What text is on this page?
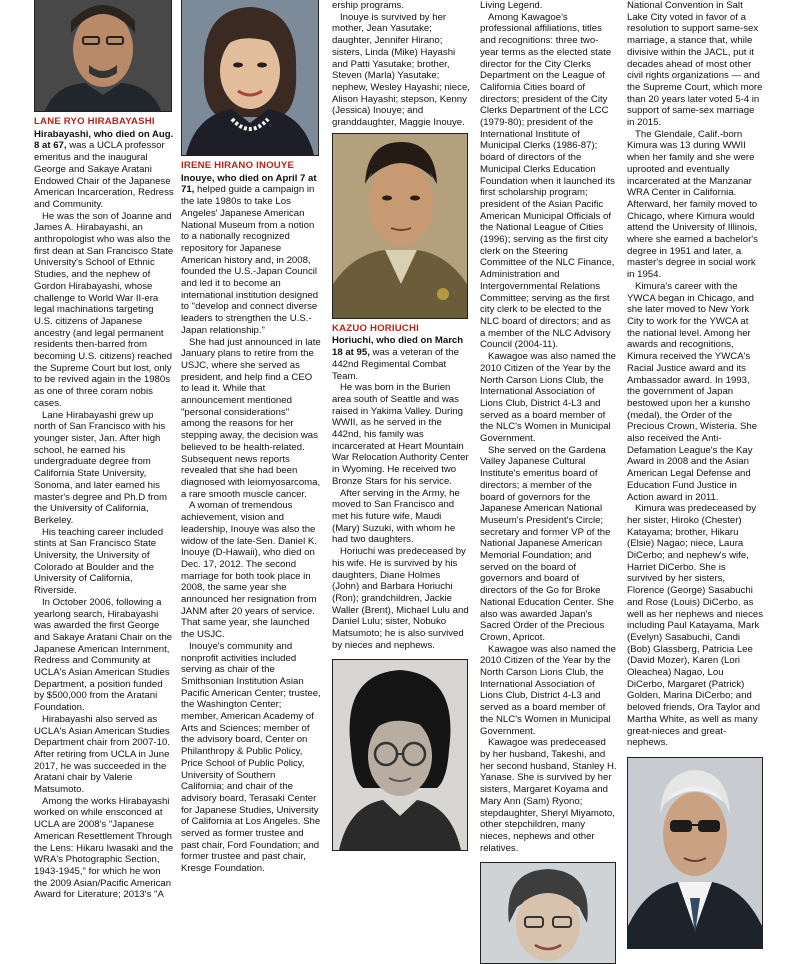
LANE RYO HIRABAYASHI

Hirabayashi, who died on Aug. 8 at 67, was a UCLA professor emeritus and the inaugural George and Sakaye Aratani Endowed Chair of the Japanese American Incarceration, Redress and Community.

He was the son of Joanne and James A. Hirabayashi, an anthropologist who was also the first dean at San Francisco State University's School of Ethnic Studies, and the nephew of Gordon Hirabayashi, whose challenge to World War II-era legal machinations targeting U.S. citizens of Japanese ancestry (and legal permanent residents then-barred from becoming U.S. citizens) reached the Supreme Court but lost, only to be revived again in the 1980s as one of three coram nobis cases.

Lane Hirabayashi grew up north of San Francisco with his younger sister, Jan. After high school, he earned his undergraduate degree from California State University, Sonoma, and later earned his master's degree and Ph.D from the University of California, Berkeley.

His teaching career included stints at San Francisco State University, the University of Colorado at Boulder and the University of California, Riverside.

In October 2006, following a yearlong search, Hirabayashi was awarded the first George and Sakaye Aratani Chair on the Japanese American Internment, Redress and Community at UCLA's Asian American Studies Department, a position funded by $500,000 from the Aratani Foundation.

Hirabayashi also served as UCLA's Asian American Studies Department chair from 2007-10. After retiring from UCLA in June 2017, he was succeeded in the Aratani chair by Valerie Matsumoto.

Among the works Hirabayashi worked on while ensconced at UCLA are 2008's "Japanese American Resettlement Through the Lens: Hikaru Iwasaki and the WRA's Photographic Section, 1943-1945," for which he won the 2009 Asian/Pacific American Award for Literature; 2013's "A

IRENE HIRANO INOUYE

Inouye, who died on April 7 at 71, helped guide a campaign in the late 1980s to take Los Angeles' Japanese American National Museum from a notion to a nationally recognized repository for Japanese American history and, in 2008, founded the U.S.-Japan Council and led it to become an international institution designed to "develop and connect diverse leaders to strengthen the U.S.-Japan relationship."

She had just announced in late January plans to retire from the USJC, where she served as president, and help find a CEO to lead it. While that announcement mentioned "personal considerations" among the reasons for her stepping away, the decision was believed to be health-related. Subsequent news reports revealed that she had been diagnosed with leiomyosarcoma, a rare smooth muscle cancer.

A woman of tremendous achievement, vision and leadership, Inouye was also the widow of the late-Sen. Daniel K. Inouye (D-Hawaii), who died on Dec. 17, 2012. The second marriage for both took place in 2008, the same year she announced her resignation from JANM after 20 years of service. That same year, she launched the USJC.

Inouye's community and nonprofit activities included serving as chair of the Smithsonian Institution Asian Pacific American Center; trustee, the Washington Center; member, American Academy of Arts and Sciences; member of the advisory board, Center on Philanthropy & Public Policy, Price School of Public Policy, University of Southern California; and chair of the advisory board, Terasaki Center for Japanese Studies, University of California at Los Angeles. She served as former trustee and past chair, Ford Foundation; and former trustee and past chair, Kresge Foundation.

ership programs.

Inouye is survived by her mother, Jean Yasutake; daughter, Jennifer Hirano; sisters, Linda (Mike) Hayashi and Patti Yasutake; brother, Steven (Marla) Yasutake; nephew, Wesley Hayashi; niece, Alison Hayashi; stepson, Kenny (Jessica) Inouye; and granddaughter, Maggie Inouye.

KAZUO HORIUCHI

Horiuchi, who died on March 18 at 95, was a veteran of the 442nd Regimental Combat Team.

He was born in the Burien area south of Seattle and was raised in Yakima Valley. During WWII, as he served in the 442nd, his family was incarcerated at Heart Mountain War Relocation Authority Center in Wyoming. He received two Bronze Stars for his service.

After serving in the Army, he moved to San Francisco and met his future wife, Maudi (Mary) Suzuki, with whom he had two daughters.

Horiuchi was predeceased by his wife. He is survived by his daughters, Diane Holmes (John) and Barbara Horiuchi (Ron); grandchildren, Jackie Waller (Brent), Michael Lulu and Daniel Lulu; sister, Nobuko Matsumoto; he is also survived by nieces and nephews.

Living Legend.

Among Kawagoe's professional affiliations, titles and recognitions: three two-year terms as the elected state director for the City Clerks Department on the League of California Cities board of directors; president of the City Clerks Department of the LCC (1979-80); president of the International Institute of Municipal Clerks (1986-87); board of directors of the Municipal Clerks Education Foundation when it launched its first scholarship program; president of the Asian Pacific American Municipal Officials of the National League of Cities (1996); serving as the first city clerk on the Steering Committee of the NLC Finance, Administration and Intergovernmental Relations Committee; serving as the first city clerk to be elected to the NLC board of directors; and as a member of the NLC Advisory Council (2004-11).

Kawagoe was also named the 2010 Citizen of the Year by the North Carson Lions Club, the International Association of Lions Club, District 4-L3 and served as a board member of the NLC's Women in Municipal Government.

She served on the Gardena Valley Japanese Cultural Institute's emeritus board of directors; a member of the board of governors for the Japanese American National Museum's President's Circle; secretary and former VP of the National Japanese American Memorial Foundation; and served on the board of governors and board of directors of the Go for Broke National Education Center. She also was awarded Japan's Sacred Order of the Precious Crown, Apricot.

Kawagoe was also named the 2010 Citizen of the Year by the North Carson Lions Club, the International Association of Lions Club, District 4-L3 and served as a board member of the NLC's Women in Municipal Government.

Kawagoe was predeceased by her husband, Takeshi, and her second husband, Stanley H. Yanase. She is survived by her sisters, Margaret Koyama and Mary Ann (Sam) Ryono; stepdaughter, Sheryl Miyamoto, other stepchildren, many nieces, nephews and other relatives.

National Convention in Salt Lake City voted in favor of a resolution to support same-sex marriage, a stance that, while divisive within the JACL, put it decades ahead of most other civil rights organizations — and the Supreme Court, which more than 20 years later voted 5-4 in support of same-sex marriage in 2015.

The Glendale, Calif.-born Kimura was 13 during WWII when her family and she were uprooted and eventually incarcerated at the Manzanar WRA Center in California. Afterward, her family moved to Chicago, where Kimura would attend the University of Illinois, where she earned a bachelor's degree in 1951 and later, a master's degree in social work in 1954.

Kimura's career with the YWCA began in Chicago, and she later moved to New York City to work for the YWCA at the national level. Among her awards and recognitions, Kimura received the YWCA's Racial Justice award and its Ambassador award. In 1993, the government of Japan bestowed upon her a kunsho (medal), the Order of the Precious Crown, Wisteria. She also received the Anti-Defamation League's the Kay Award in 2008 and the Asian American Legal Defense and Education Fund Justice in Action award in 2011.

Kimura was predeceased by her sister, Hiroko (Chester) Katayama; brother, Hikaru (Elsie) Nagao; niece, Laura DiCerbo; and nephew's wife, Harriet DiCerbo. She is survived by her sisters, Florence (George) Sasabuchi and Rose (Louis) DiCerbo, as well as her nephews and nieces including Paul Katayama, Mark (Evelyn) Sasabuchi, Candi (Bob) Glassberg, Patricia Lee (David Mozer), Karen (Lori Oleachea) Nagao, Lou DiCerbo, Margaret (Patrick) Golden, Marina DiCerbo; and beloved friends, Ora Taylor and Martha White, as well as many great-nieces and great-nephews.
